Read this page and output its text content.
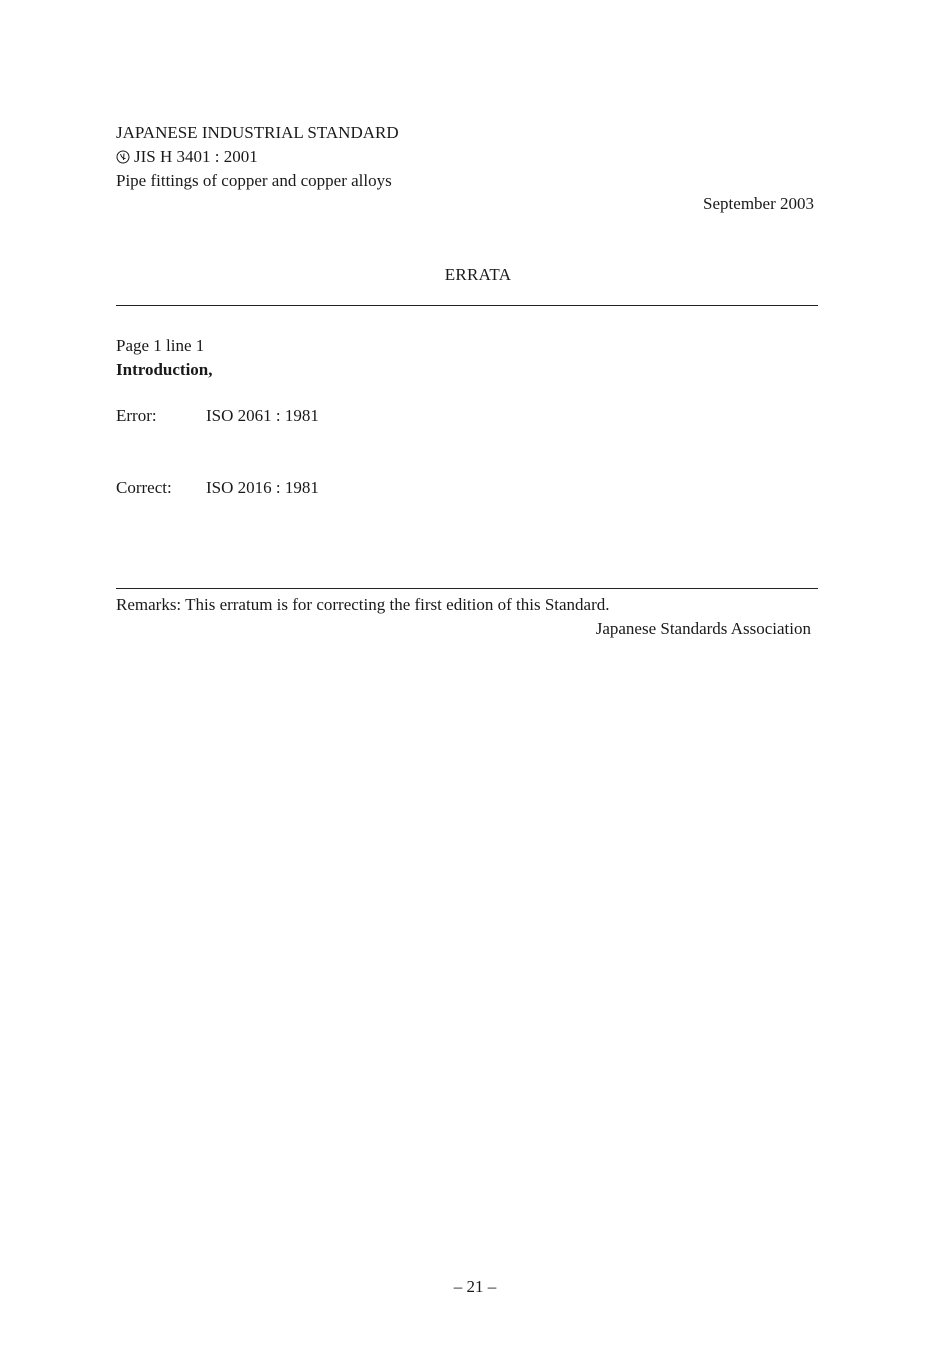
JAPANESE INDUSTRIAL STANDARD
JIS H 3401 : 2001
Pipe fittings of copper and copper alloys
September 2003
ERRATA
Page 1 line 1
Introduction,
Error:	ISO 2061 : 1981
Correct:	ISO 2016 : 1981
Remarks: This erratum is for correcting the first edition of this Standard.
Japanese Standards Association
– 21 –
